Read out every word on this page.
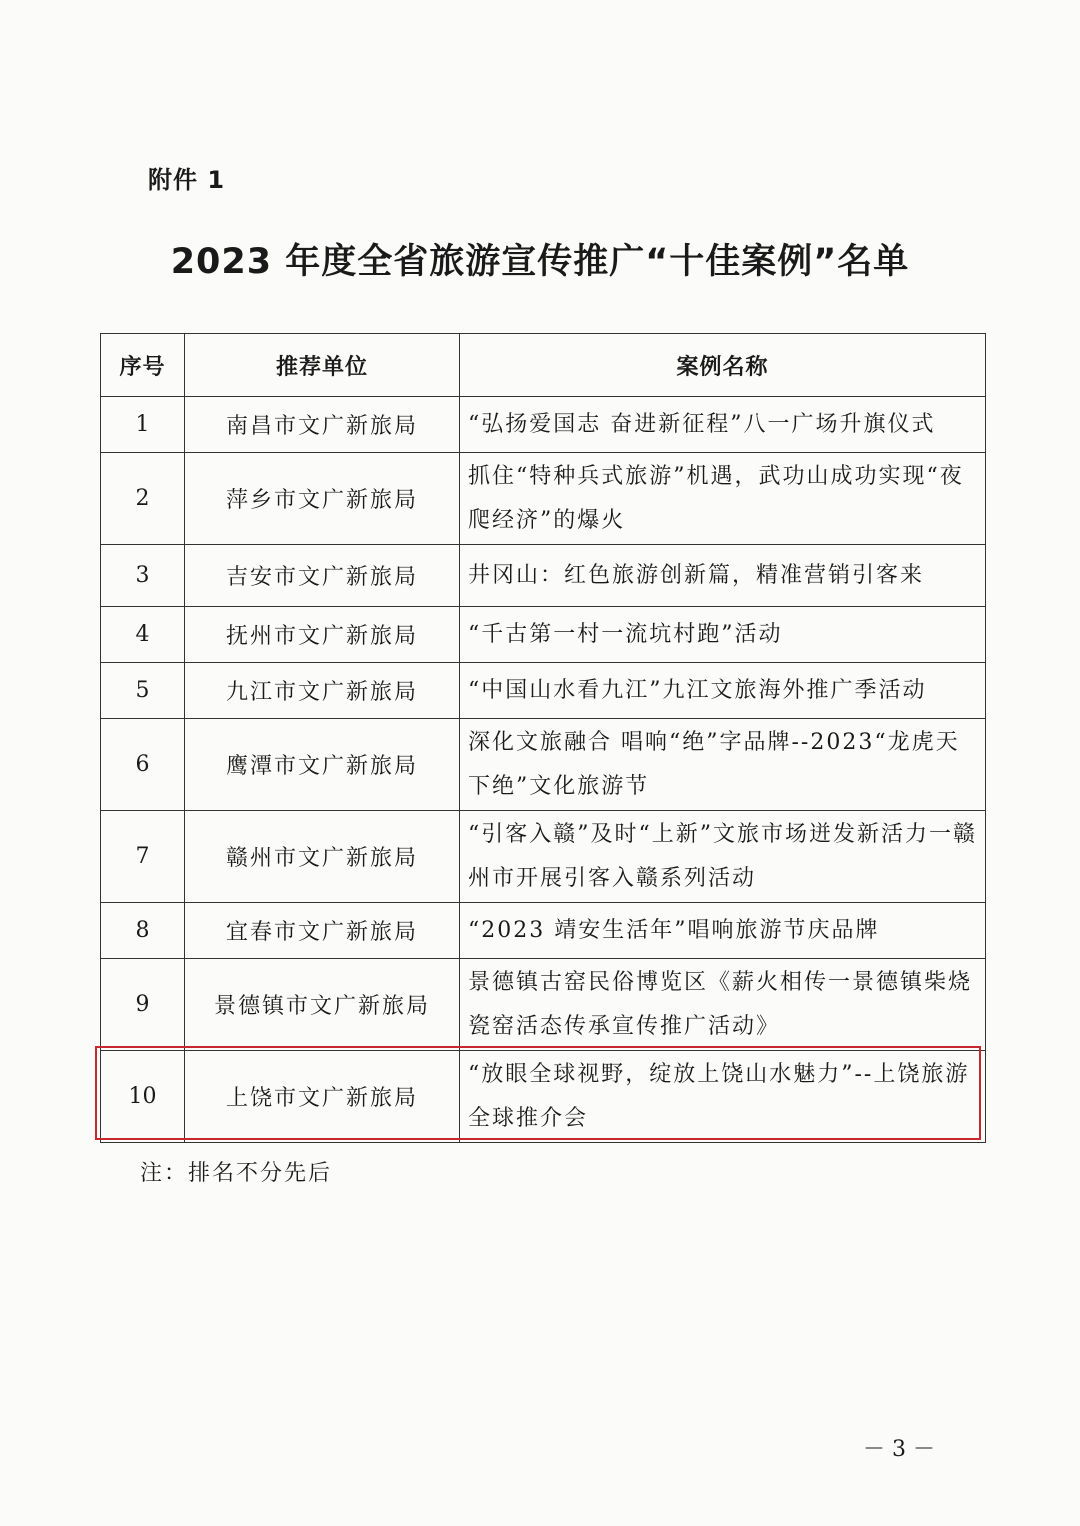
附件 1
2023 年度全省旅游宣传推广“十佳案例”名单
序号	推荐单位	案例名称
1	南昌市文广新旅局	“弘扬爱国志 奋进新征程”八一广场升旗仪式
2	萍乡市文广新旅局	抓住“特种兵式旅游”机遇，武功山成功实现“夜爬经济”的爆火
3	吉安市文广新旅局	井冈山：红色旅游创新篇，精准营销引客来
4	抚州市文广新旅局	“千古第一村一流坑村跑”活动
5	九江市文广新旅局	“中国山水看九江”九江文旅海外推广季活动
6	鹰潭市文广新旅局	深化文旅融合 唱响“绝”字品牌--2023“龙虎天下绝”文化旅游节
7	赣州市文广新旅局	“引客入赣”及时“上新”文旅市场迸发新活力一赣州市开展引客入赣系列活动
8	宜春市文广新旅局	“2023 靖安生活年”唱响旅游节庆品牌
9	景德镇市文广新旅局	景德镇古窑民俗博览区《薪火相传一景德镇柴烧瓷窑活态传承宣传推广活动》
10	上饶市文广新旅局	“放眼全球视野，绽放上饶山水魅力”--上饶旅游全球推介会
注：排名不分先后
－ 3 －
